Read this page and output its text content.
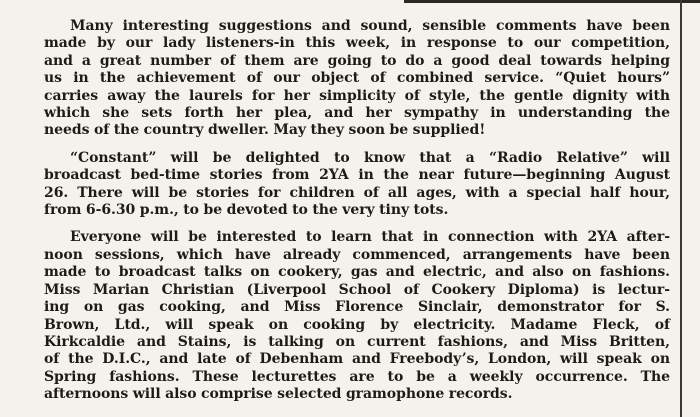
Many interesting suggestions and sound, sensible comments have been
made by our lady listeners-in this week, in response to our competition,
and a great number of them are going to do a good deal towards helping
us in the achievement of our object of combined service. “Quiet hours”
carries away the laurels for her simplicity of style, the gentle dignity with
which she sets forth her plea, and her sympathy in understanding the
needs of the country dweller. May they soon be supplied!

“Constant” will be delighted to know that a “Radio Relative” will
broadcast bed-time stories from 2YA in the near future—beginning August
26. There will be stories for children of all ages, with a special half hour,
from 6-6.30 p.m., to be devoted to the very tiny tots.

Everyone will be interested to learn that in connection with 2YA after-
noon sessions, which have already commenced, arrangements have been
made to broadcast talks on cookery, gas and electric, and also on fashions.
Miss Marian Christian (Liverpool School of Cookery Diploma) is lectur-
ing on gas cooking, and Miss Florence Sinclair, demonstrator for S.
Brown, Ltd., will speak on cooking by electricity. Madame Fleck, of
Kirkcaldie and Stains, is talking on current fashions, and Miss Britten,
of the D.I.C., and late of Debenham and Freebody’s, London, will speak on
Spring fashions. These lecturettes are to be a weekly occurrence. The
afternoons will also comprise selected gramophone records.
